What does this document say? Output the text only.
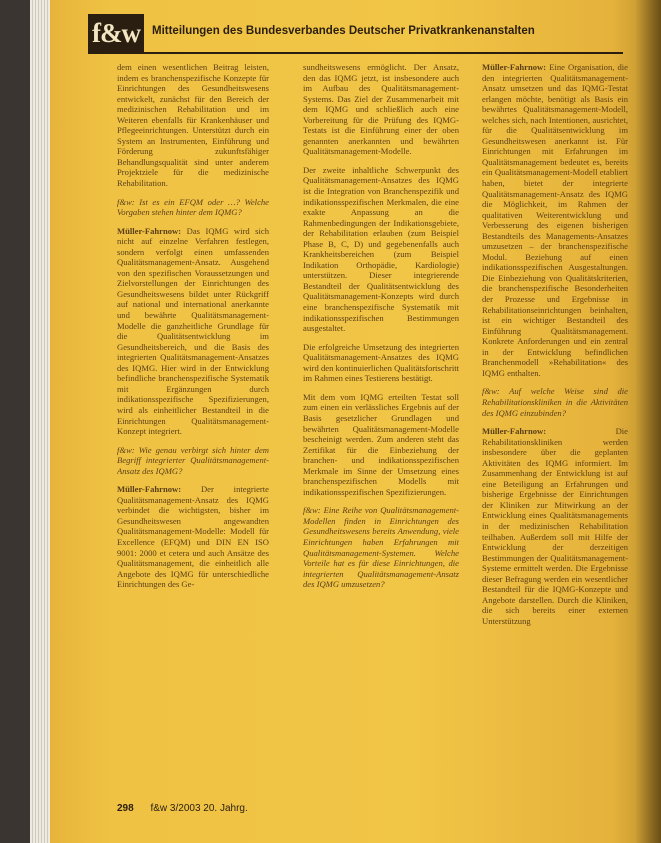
f&w	Mitteilungen des Bundesverbandes Deutscher Privatkrankenanstalten

dem einen wesentlichen Beitrag leisten, indem es branchenspezifische Konzepte für Einrichtungen des Gesundheitswesens entwickelt, zunächst für den Bereich der medizinischen Rehabilitation und im Weiteren ebenfalls für Krankenhäuser und Pflegeeinrichtungen. Unterstützt durch ein System an Instrumenten, Einführung und Förderung zukunftsfähiger Behandlungsqualität sind unter anderem Projektziele für die medizinische Rehabilitation.

f&w: Ist es ein EFQM oder …? Welche Vorgaben stehen hinter dem IQMG?

Müller-Fahrnow: Das IQMG wird sich nicht auf einzelne Verfahren festlegen, sondern verfolgt einen umfassenden Qualitätsmanagement-Ansatz. Ausgehend von den spezifischen Voraussetzungen und Zielvorstellungen der Einrichtungen des Gesundheitswesens bildet unter Rückgriff auf national und international anerkannte und bewährte Qualitätsmanagement-Modelle die ganzheitliche Grundlage für die Qualitätsentwicklung im Gesundheitsbereich, und die Basis des integrierten Qualitätsmanagement-Ansatzes des IQMG. Hier wird in der Entwicklung befindliche branchenspezifische Systematik mit Ergänzungen durch indikationsspezifische Spezifizierungen, wird als einheitlicher Bestandteil in die Einrichtungen Qualitätsmanagement-Konzept integriert.

f&w: Wie genau verbirgt sich hinter dem Begriff integrierter Qualitätsmanagement-Ansatz des IQMG?

Müller-Fahrnow: Der integrierte Qualitätsmanagement-Ansatz des IQMG verbindet die wichtigsten, bisher im Gesundheitswesen angewandten Qualitätsmanagement-Modelle: Modell für Excellence (EFQM) und DIN EN ISO 9001: 2000 et cetera und auch Ansätze des Qualitätsmanagement, die einheitlich alle Angebote des IQMG für unterschiedliche Einrichtungen des Ge-

sundheitswesens ermöglicht. Der Ansatz, den das IQMG jetzt, ist insbesondere auch im Aufbau des Qualitätsmanagement-Systems. Das Ziel der Zusammenarbeit mit dem IQMG und schließlich auch eine Vorbereitung für die Prüfung des IQMG-Testats ist die Einführung einer der oben genannten anerkannten und bewährten Qualitätsmanagement-Modelle.

Der zweite inhaltliche Schwerpunkt des Qualitätsmanagement-Ansatzes des IQMG ist die Integration von Branchenspezifik und indikationsspezifischen Merkmalen, die eine exakte Anpassung an die Rahmenbedingungen der Indikationsgebiete, der Rehabilitation erlauben (zum Beispiel Phase B, C, D) und gegebenenfalls auch Krankheitsbereichen (zum Beispiel Indikation Orthopädie, Kardiologie) unterstützen. Dieser integrierende Bestandteil der Qualitätsentwicklung des Qualitätsmanagement-Konzepts wird durch eine branchenspezifische Systematik mit indikationsspezifischen Bestimmungen ausgestaltet.

Die erfolgreiche Umsetzung des integrierten Qualitätsmanagement-Ansatzes des IQMG wird den kontinuierlichen Qualitätsfortschritt im Rahmen eines Testierens bestätigt.

Mit dem vom IQMG erteilten Testat soll zum einen ein verlässliches Ergebnis auf der Basis gesetzlicher Grundlagen und bewährten Qualitätsmanagement-Modelle bescheinigt werden. Zum anderen steht das Zertifikat für die Einbeziehung der branchen- und indikationsspezifischen Merkmale im Sinne der Umsetzung eines branchenspezifischen Modells mit indikationsspezifischen Spezifizierungen.

f&w: Eine Reihe von Qualitätsmanagement-Modellen finden in Einrichtungen des Gesundheitswesens bereits Anwendung, viele Einrichtungen haben Erfahrungen mit Qualitätsmanagement-Systemen. Welche Vorteile hat es für diese Einrichtungen, die integrierten Qualitätsmanagement-Ansatz des IQMG umzusetzen?

Müller-Fahrnow: Eine Organisation, die den integrierten Qualitätsmanagement-Ansatz umsetzen und das IQMG-Testat erlangen möchte, benötigt als Basis ein bewährtes Qualitätsmanagement-Modell, welches sich, nach Intentionen, ausrichtet, für die Qualitätsentwicklung im Gesundheitswesen anerkannt ist. Für Einrichtungen mit Erfahrungen im Qualitätsmanagement bedeutet es, bereits ein Qualitätsmanagement-Modell etabliert haben, bietet der integrierte Qualitätsmanagement-Ansatz des IQMG die Möglichkeit, im Rahmen der qualitativen Weiterentwicklung und Verbesserung des eigenen bisherigen Bestandteils des Managements-Ansatzes umzusetzen – der branchenspezifische Modul. Beziehung auf einen indikationsspezifischen Ausgestaltungen. Die Einbeziehung von Qualitätskriterien, die branchenspezifische Besonderheiten der Prozesse und Ergebnisse in Rehabilitationseinrichtungen beinhalten, ist ein wichtiger Bestandteil des Einführung Qualitätsmanagement. Konkrete Anforderungen und ein zentral in der Entwicklung befindlichen Branchenmodell »Rehabilitation« des IQMG enthalten.

f&w: Auf welche Weise sind die Rehabilitationskliniken in die Aktivitäten des IQMG einzubinden?

Müller-Fahrnow: Die Rehabilitationskliniken werden insbesondere über die geplanten Aktivitäten des IQMG informiert. Im Zusammenhang der Entwicklung ist auf eine Beteiligung an Erfahrungen und bisherige Ergebnisse der Einrichtungen der Kliniken zur Mitwirkung an der Entwicklung eines Qualitätsmanagements in der medizinischen Rehabilitation teilhaben. Außerdem soll mit Hilfe der Entwicklung der derzeitigen Bestimmungen der Qualitätsmanagement-Systeme ermittelt werden. Die Ergebnisse dieser Befragung werden ein wesentlicher Bestandteil für die IQMG-Konzepte und Angebote darstellen. Durch die Kliniken, die sich bereits einer externen Unterstützung

298 f&w 3/2003 20. Jahrg.
